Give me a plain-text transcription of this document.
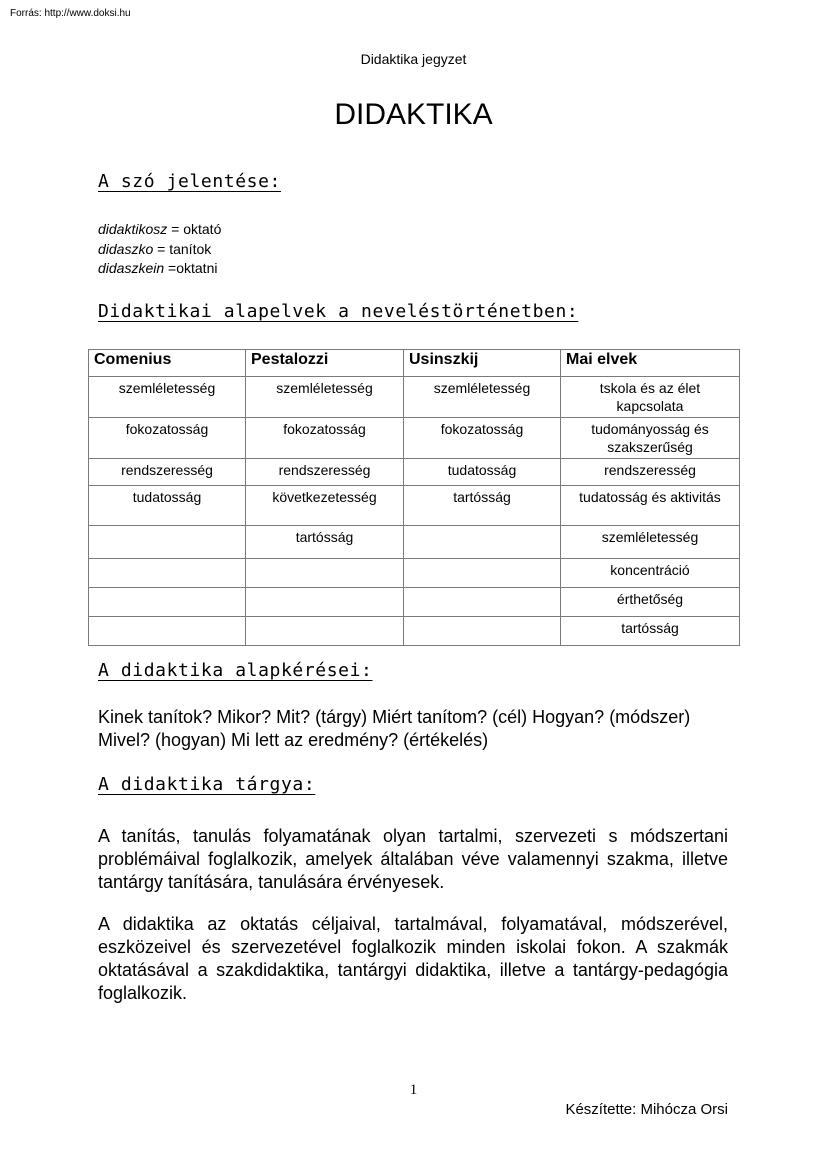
Forrás: http://www.doksi.hu
Didaktika jegyzet
DIDAKTIKA
A szó jelentése:
didaktikosz = oktató
didaszko = tanítok
didaszkein =oktatni
Didaktikai alapelvek a neveléstörténetben:
Comenius	Pestalozzi	Usinszkij	Mai elvek
szemléletesség	szemléletesség	szemléletesség	tskola és az élet kapcsolata
fokozatosság	fokozatosság	fokozatosság	tudományosság és szakszerűség
rendszeresség	rendszeresség	tudatosság	rendszeresség
tudatosság	következetesség	tartósság	tudatosság és aktivitás
	tartósság		szemléletesség
			koncentráció
			érthetőség
			tartósság
A didaktika alapkérései:
Kinek tanítok? Mikor? Mit? (tárgy) Miért tanítom? (cél) Hogyan? (módszer) Mivel? (hogyan) Mi lett az eredmény? (értékelés)
A didaktika tárgya:
A tanítás, tanulás folyamatának olyan tartalmi, szervezeti s módszertani problémáival foglalkozik, amelyek általában véve valamennyi szakma, illetve tantárgy tanítására, tanulására érvényesek.
A didaktika az oktatás céljaival, tartalmával, folyamatával, módszerével, eszközeivel és szervezetével foglalkozik minden iskolai fokon. A szakmák oktatásával a szakdidaktika, tantárgyi didaktika, illetve a tantárgy-pedagógia foglalkozik.
1
Készítette: Mihócza Orsi
